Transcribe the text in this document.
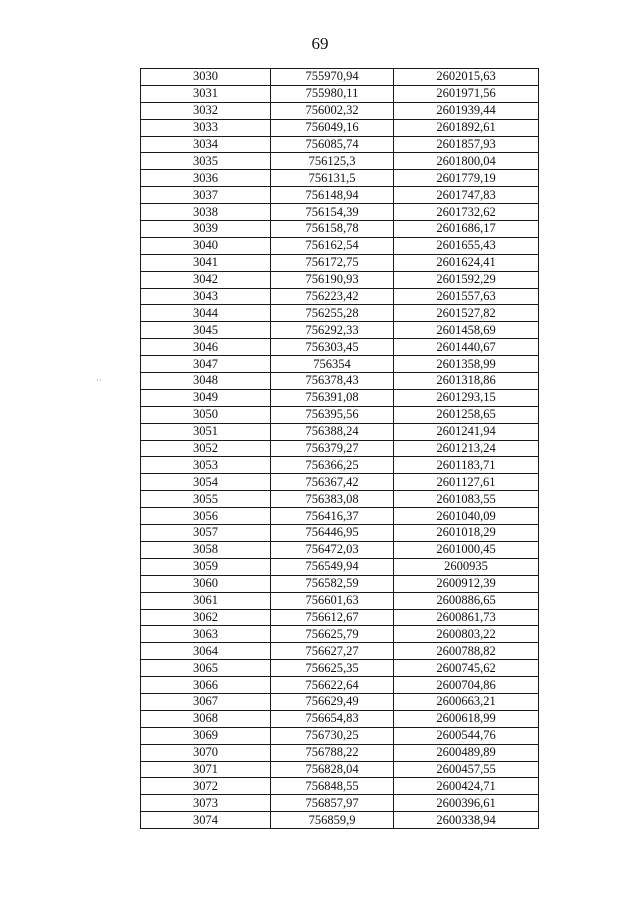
69
··
3030	755970,94	2602015,63
3031	755980,11	2601971,56
3032	756002,32	2601939,44
3033	756049,16	2601892,61
3034	756085,74	2601857,93
3035	756125,3	2601800,04
3036	756131,5	2601779,19
3037	756148,94	2601747,83
3038	756154,39	2601732,62
3039	756158,78	2601686,17
3040	756162,54	2601655,43
3041	756172,75	2601624,41
3042	756190,93	2601592,29
3043	756223,42	2601557,63
3044	756255,28	2601527,82
3045	756292,33	2601458,69
3046	756303,45	2601440,67
3047	756354	2601358,99
3048	756378,43	2601318,86
3049	756391,08	2601293,15
3050	756395,56	2601258,65
3051	756388,24	2601241,94
3052	756379,27	2601213,24
3053	756366,25	2601183,71
3054	756367,42	2601127,61
3055	756383,08	2601083,55
3056	756416,37	2601040,09
3057	756446,95	2601018,29
3058	756472,03	2601000,45
3059	756549,94	2600935
3060	756582,59	2600912,39
3061	756601,63	2600886,65
3062	756612,67	2600861,73
3063	756625,79	2600803,22
3064	756627,27	2600788,82
3065	756625,35	2600745,62
3066	756622,64	2600704,86
3067	756629,49	2600663,21
3068	756654,83	2600618,99
3069	756730,25	2600544,76
3070	756788,22	2600489,89
3071	756828,04	2600457,55
3072	756848,55	2600424,71
3073	756857,97	2600396,61
3074	756859,9	2600338,94
